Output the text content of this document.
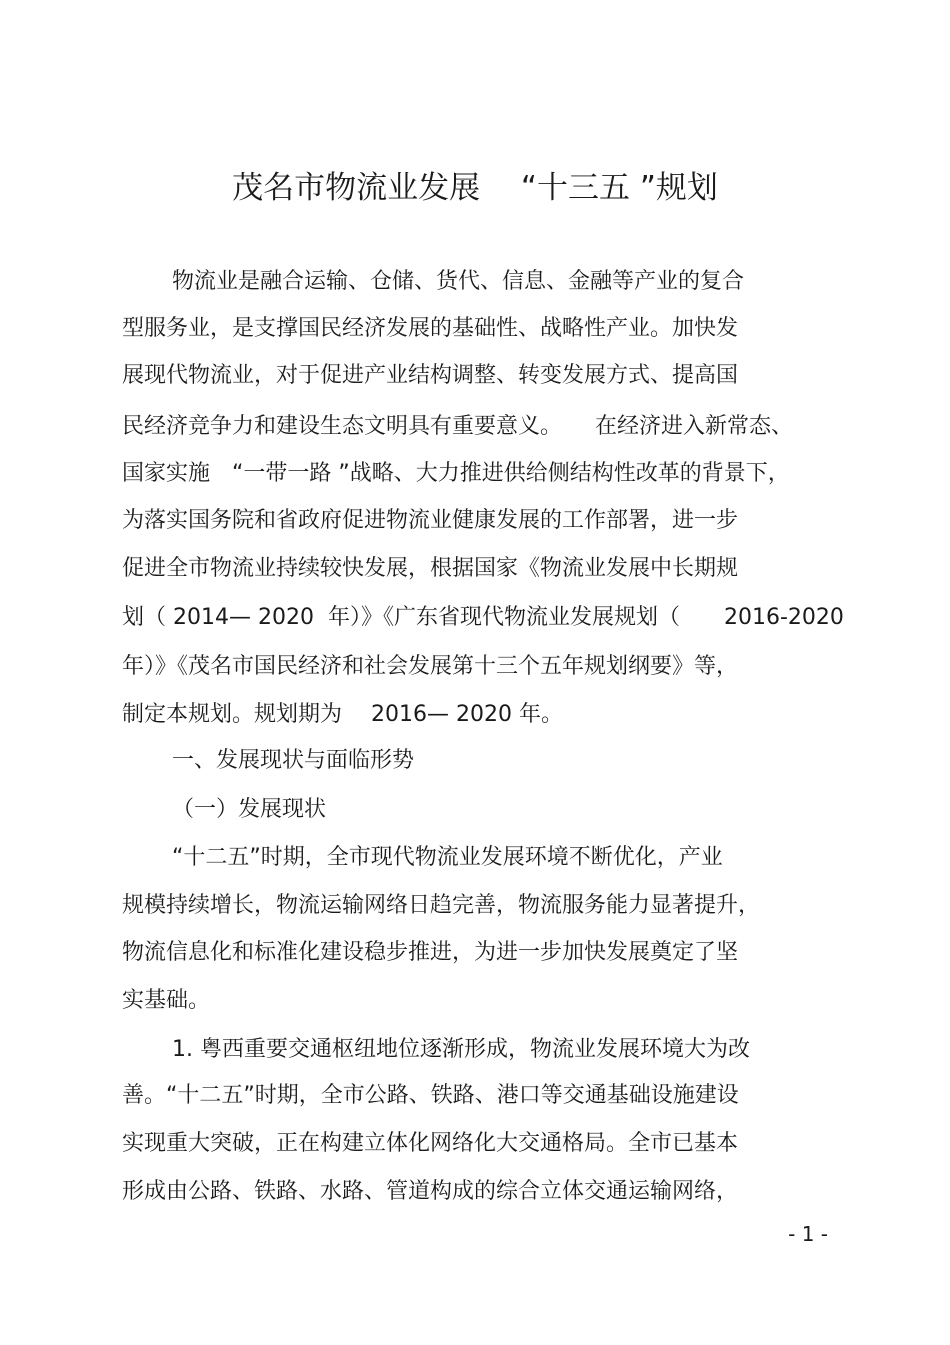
茂名市物流业发展　 “十三五 ”规划
物流业是融合运输、仓储、货代、信息、金融等产业的复合
型服务业，是支撑国民经济发展的基础性、战略性产业。加快发
展现代物流业，对于促进产业结构调整、转变发展方式、提高国
民经济竞争力和建设生态文明具有重要意义。　　在经济进入新常态、
国家实施　“一带一路 ”战略、大力推进供给侧结构性改革的背景下，
为落实国务院和省政府促进物流业健康发展的工作部署，进一步
促进全市物流业持续较快发展，根据国家《物流业发展中长期规
划（ 2014— 2020  年）》《广东省现代物流业发展规划（　　2016-2020
年）》《茂名市国民经济和社会发展第十三个五年规划纲要》等，
制定本规划。规划期为　 2016— 2020 年。
一、发展现状与面临形势
（一）发展现状
“十二五”时期，全市现代物流业发展环境不断优化，产业
规模持续增长，物流运输网络日趋完善，物流服务能力显著提升，
物流信息化和标准化建设稳步推进，为进一步加快发展奠定了坚
实基础。
1. 粤西重要交通枢纽地位逐渐形成，物流业发展环境大为改
善。“十二五”时期，全市公路、铁路、港口等交通基础设施建设
实现重大突破，正在构建立体化网络化大交通格局。全市已基本
形成由公路、铁路、水路、管道构成的综合立体交通运输网络，
- 1 -
